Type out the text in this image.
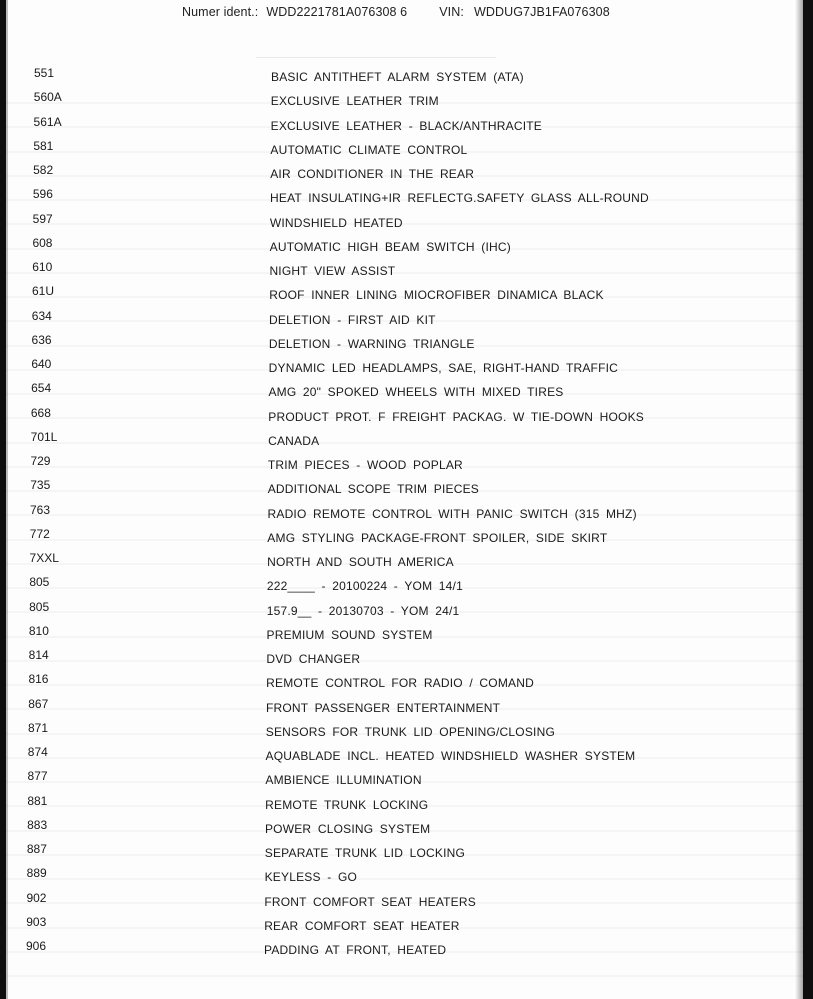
Numer ident.: WDD2221781A076308 6	VIN: WDDUG7JB1FA076308
551	BASIC ANTITHEFT ALARM SYSTEM (ATA)
560A	EXCLUSIVE LEATHER TRIM
561A	EXCLUSIVE LEATHER - BLACK/ANTHRACITE
581	AUTOMATIC CLIMATE CONTROL
582	AIR CONDITIONER IN THE REAR
596	HEAT INSULATING+IR REFLECTG.SAFETY GLASS ALL-ROUND
597	WINDSHIELD HEATED
608	AUTOMATIC HIGH BEAM SWITCH (IHC)
610	NIGHT VIEW ASSIST
61U	ROOF INNER LINING MIOCROFIBER DINAMICA BLACK
634	DELETION - FIRST AID KIT
636	DELETION - WARNING TRIANGLE
640	DYNAMIC LED HEADLAMPS, SAE, RIGHT-HAND TRAFFIC
654	AMG 20" SPOKED WHEELS WITH MIXED TIRES
668	PRODUCT PROT. F FREIGHT PACKAG. W TIE-DOWN HOOKS
701L	CANADA
729	TRIM PIECES - WOOD POPLAR
735	ADDITIONAL SCOPE TRIM PIECES
763	RADIO REMOTE CONTROL WITH PANIC SWITCH (315 MHZ)
772	AMG STYLING PACKAGE-FRONT SPOILER, SIDE SKIRT
7XXL	NORTH AND SOUTH AMERICA
805	222____ - 20100224 - YOM 14/1
805	157.9__ - 20130703 - YOM 24/1
810	PREMIUM SOUND SYSTEM
814	DVD CHANGER
816	REMOTE CONTROL FOR RADIO / COMAND
867	FRONT PASSENGER ENTERTAINMENT
871	SENSORS FOR TRUNK LID OPENING/CLOSING
874	AQUABLADE INCL. HEATED WINDSHIELD WASHER SYSTEM
877	AMBIENCE ILLUMINATION
881	REMOTE TRUNK LOCKING
883	POWER CLOSING SYSTEM
887	SEPARATE TRUNK LID LOCKING
889	KEYLESS - GO
902	FRONT COMFORT SEAT HEATERS
903	REAR COMFORT SEAT HEATER
906	PADDING AT FRONT, HEATED
